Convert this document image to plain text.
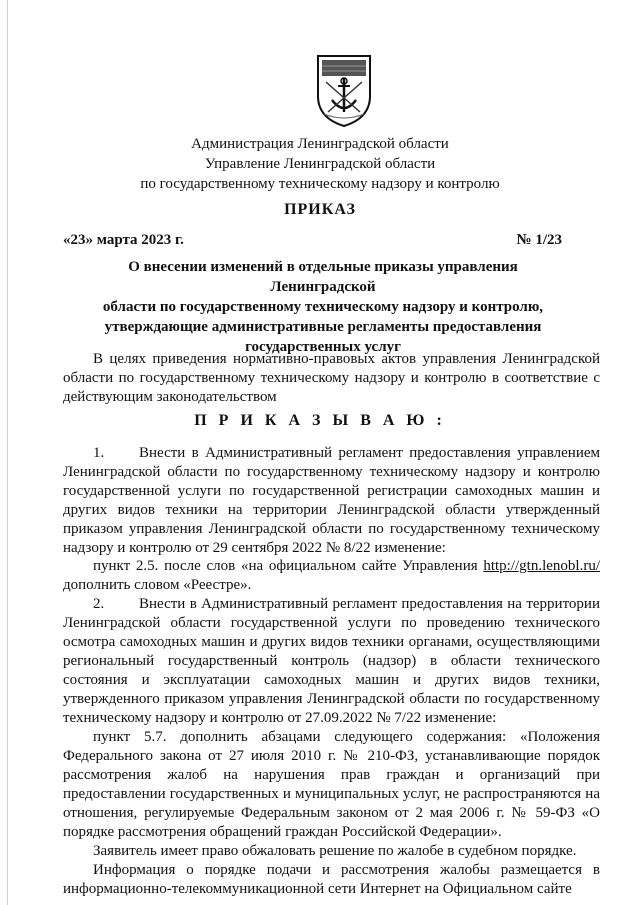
Администрация Ленинградской области
Управление Ленинградской области
по государственному техническому надзору и контролю
ПРИКАЗ
«23» марта 2023 г.	№ 1/23
О внесении изменений в отдельные приказы управления Ленинградской
области по государственному техническому надзору и контролю,
утверждающие административные регламенты предоставления
государственных услуг
В целях приведения нормативно-правовых актов управления Ленинградской области по государственному техническому надзору и контролю в соответствие с действующим законодательством
П Р И К А З Ы В А Ю :
1. Внести в Административный регламент предоставления управлением Ленинградской области по государственному техническому надзору и контролю государственной услуги по государственной регистрации самоходных машин и других видов техники на территории Ленинградской области утвержденный приказом управления Ленинградской области по государственному техническому надзору и контролю от 29 сентября 2022 № 8/22 изменение:
пункт 2.5. после слов «на официальном сайте Управления http://gtn.lenobl.ru/ дополнить словом «Реестре».
2. Внести в Административный регламент предоставления на территории Ленинградской области государственной услуги по проведению технического осмотра самоходных машин и других видов техники органами, осуществляющими региональный государственный контроль (надзор) в области технического состояния и эксплуатации самоходных машин и других видов техники, утвержденного приказом управления Ленинградской области по государственному техническому надзору и контролю от 27.09.2022 № 7/22 изменение:
пункт 5.7. дополнить абзацами следующего содержания: «Положения Федерального закона от 27 июля 2010 г. № 210-ФЗ, устанавливающие порядок рассмотрения жалоб на нарушения прав граждан и организаций при предоставлении государственных и муниципальных услуг, не распространяются на отношения, регулируемые Федеральным законом от 2 мая 2006 г. № 59-ФЗ «О порядке рассмотрения обращений граждан Российской Федерации».
Заявитель имеет право обжаловать решение по жалобе в судебном порядке.
Информация о порядке подачи и рассмотрения жалобы размещается в информационно-телекоммуникационной сети Интернет на Официальном сайте
